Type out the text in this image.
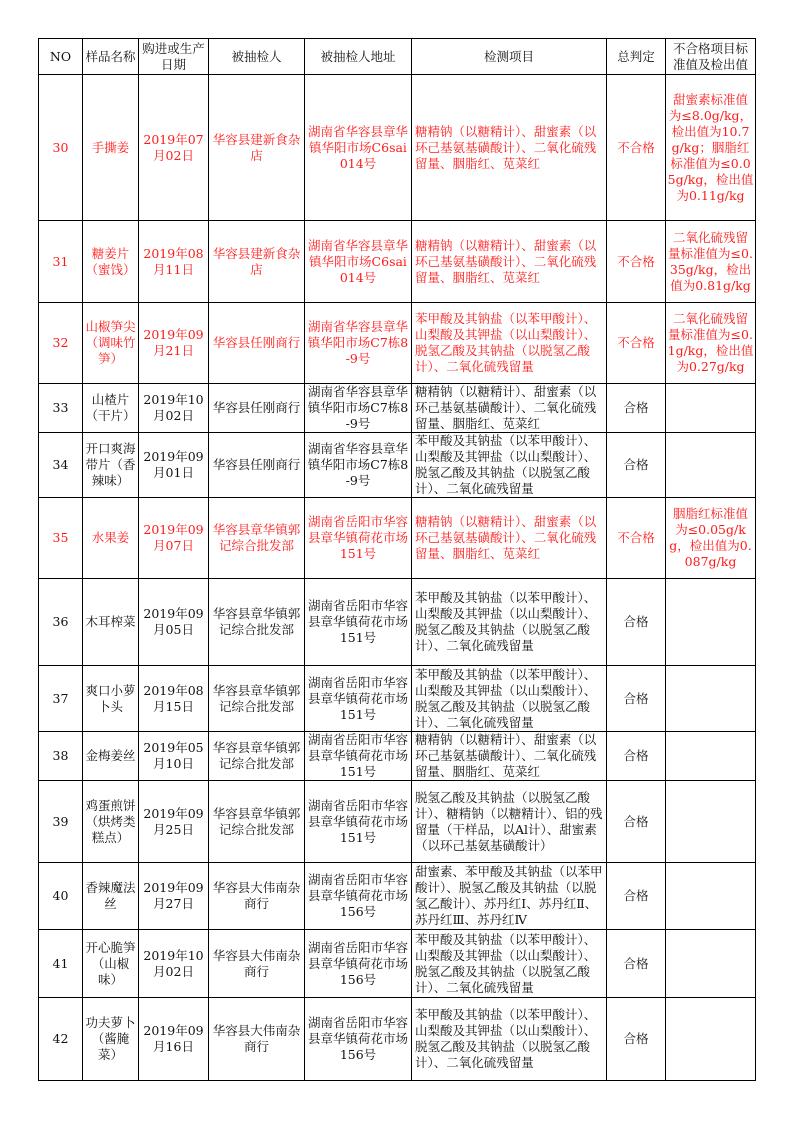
NO	样品名称	购进或生产日期	被抽检人	被抽检人地址	检测项目	总判定	不合格项目标准值及检出值
30	手撕姜	2019年07月02日	华容县建新食杂店	湖南省华容县章华镇华阳市场C6sai014号	糖精钠（以糖精计）、甜蜜素（以环己基氨基磺酸计）、二氧化硫残留量、胭脂红、苋菜红	不合格	甜蜜素标准值为≤8.0g/kg，检出值为10.7g/kg；胭脂红标准值为≤0.05g/kg，检出值为0.11g/kg
31	糖姜片（蜜饯）	2019年08月11日	华容县建新食杂店	湖南省华容县章华镇华阳市场C6sai014号	糖精钠（以糖精计）、甜蜜素（以环己基氨基磺酸计）、二氧化硫残留量、胭脂红、苋菜红	不合格	二氧化硫残留量标准值为≤0.35g/kg，检出值为0.81g/kg
32	山椒笋尖（调味竹笋）	2019年09月21日	华容县任刚商行	湖南省华容县章华镇华阳市场C7栋8-9号	苯甲酸及其钠盐（以苯甲酸计）、山梨酸及其钾盐（以山梨酸计）、脱氢乙酸及其钠盐（以脱氢乙酸计）、二氧化硫残留量	不合格	二氧化硫残留量标准值为≤0.1g/kg，检出值为0.27g/kg
33	山楂片（干片）	2019年10月02日	华容县任刚商行	湖南省华容县章华镇华阳市场C7栋8-9号	糖精钠（以糖精计）、甜蜜素（以环己基氨基磺酸计）、二氧化硫残留量、胭脂红、苋菜红	合格	
34	开口爽海带片（香辣味）	2019年09月01日	华容县任刚商行	湖南省华容县章华镇华阳市场C7栋8-9号	苯甲酸及其钠盐（以苯甲酸计）、山梨酸及其钾盐（以山梨酸计）、脱氢乙酸及其钠盐（以脱氢乙酸计）、二氧化硫残留量	合格	
35	水果姜	2019年09月07日	华容县章华镇郭记综合批发部	湖南省岳阳市华容县章华镇荷花市场151号	糖精钠（以糖精计）、甜蜜素（以环己基氨基磺酸计）、二氧化硫残留量、胭脂红、苋菜红	不合格	胭脂红标准值为≤0.05g/kg，检出值为0.087g/kg
36	木耳榨菜	2019年09月05日	华容县章华镇郭记综合批发部	湖南省岳阳市华容县章华镇荷花市场151号	苯甲酸及其钠盐（以苯甲酸计）、山梨酸及其钾盐（以山梨酸计）、脱氢乙酸及其钠盐（以脱氢乙酸计）、二氧化硫残留量	合格	
37	爽口小萝卜头	2019年08月15日	华容县章华镇郭记综合批发部	湖南省岳阳市华容县章华镇荷花市场151号	苯甲酸及其钠盐（以苯甲酸计）、山梨酸及其钾盐（以山梨酸计）、脱氢乙酸及其钠盐（以脱氢乙酸计）、二氧化硫残留量	合格	
38	金梅姜丝	2019年05月10日	华容县章华镇郭记综合批发部	湖南省岳阳市华容县章华镇荷花市场151号	糖精钠（以糖精计）、甜蜜素（以环己基氨基磺酸计）、二氧化硫残留量、胭脂红、苋菜红	合格	
39	鸡蛋煎饼（烘烤类糕点）	2019年09月25日	华容县章华镇郭记综合批发部	湖南省岳阳市华容县章华镇荷花市场151号	脱氢乙酸及其钠盐（以脱氢乙酸计）、糖精钠（以糖精计）、铝的残留量（干样品，以Al计）、甜蜜素（以环己基氨基磺酸计）	合格	
40	香辣魔法丝	2019年09月27日	华容县大伟南杂商行	湖南省岳阳市华容县章华镇荷花市场156号	甜蜜素、苯甲酸及其钠盐（以苯甲酸计）、脱氢乙酸及其钠盐（以脱氢乙酸计）、苏丹红I、苏丹红Ⅱ、苏丹红Ⅲ、苏丹红Ⅳ	合格	
41	开心脆笋（山椒味）	2019年10月02日	华容县大伟南杂商行	湖南省岳阳市华容县章华镇荷花市场156号	苯甲酸及其钠盐（以苯甲酸计）、山梨酸及其钾盐（以山梨酸计）、脱氢乙酸及其钠盐（以脱氢乙酸计）、二氧化硫残留量	合格	
42	功夫萝卜（酱腌菜）	2019年09月16日	华容县大伟南杂商行	湖南省岳阳市华容县章华镇荷花市场156号	苯甲酸及其钠盐（以苯甲酸计）、山梨酸及其钾盐（以山梨酸计）、脱氢乙酸及其钠盐（以脱氢乙酸计）、二氧化硫残留量	合格	
